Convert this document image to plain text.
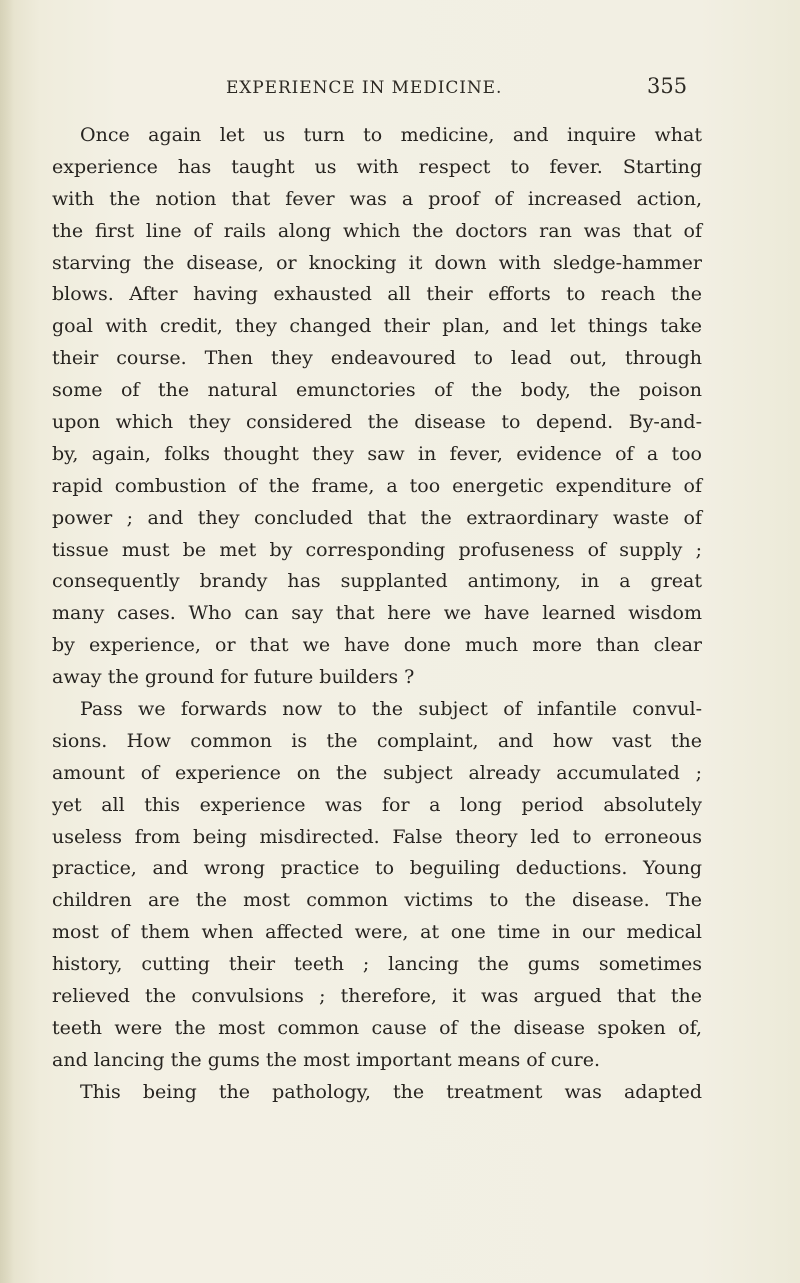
EXPERIENCE IN MEDICINE.	355
Once again let us turn to medicine, and inquire what
experience has taught us with respect to fever. Starting
with the notion that fever was a proof of increased action,
the first line of rails along which the doctors ran was that of
starving the disease, or knocking it down with sledge-hammer
blows. After having exhausted all their efforts to reach the
goal with credit, they changed their plan, and let things take
their course. Then they endeavoured to lead out, through
some of the natural emunctories of the body, the poison
upon which they considered the disease to depend. By-and-
by, again, folks thought they saw in fever, evidence of a too
rapid combustion of the frame, a too energetic expenditure of
power ; and they concluded that the extraordinary waste of
tissue must be met by corresponding profuseness of supply ;
consequently brandy has supplanted antimony, in a great
many cases. Who can say that here we have learned wisdom
by experience, or that we have done much more than clear
away the ground for future builders ?
Pass we forwards now to the subject of infantile convul-
sions. How common is the complaint, and how vast the
amount of experience on the subject already accumulated ;
yet all this experience was for a long period absolutely
useless from being misdirected. False theory led to erroneous
practice, and wrong practice to beguiling deductions. Young
children are the most common victims to the disease. The
most of them when affected were, at one time in our medical
history, cutting their teeth ; lancing the gums sometimes
relieved the convulsions ; therefore, it was argued that the
teeth were the most common cause of the disease spoken of,
and lancing the gums the most important means of cure.
This being the pathology, the treatment was adapted
